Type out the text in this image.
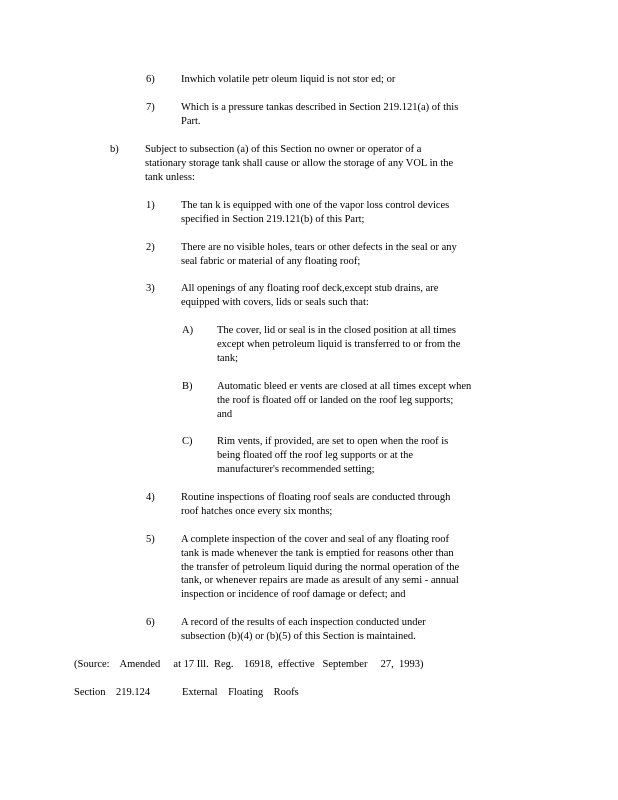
6)	Inwhich volatile petr oleum liquid is not stor ed; or
7)	Which is a pressure tankas described in Section 219.121(a) of this
Part.
b)	Subject to subsection (a) of this Section no owner or operator of a
stationary storage tank shall cause or allow the storage of any VOL in the
tank unless:
1)	The tan k is equipped with one of the vapor loss control devices
specified in Section 219.121(b) of this Part;
2)	There are no visible holes, tears or other defects in the seal or any
seal fabric or material of any floating roof;
3)	All openings of any floating roof deck,except stub drains, are
equipped with covers, lids or seals such that:
A)	The cover, lid or seal is in the closed position at all times
except when petroleum liquid is transferred to or from the
tank;
B)	Automatic bleed er vents are closed at all times except when
the roof is floated off or landed on the roof leg supports;
and
C)	Rim vents, if provided, are set to open when the roof is
being floated off the roof leg supports or at the
manufacturer's recommended setting;
4)	Routine inspections of floating roof seals are conducted through
roof hatches once every six months;
5)	A complete inspection of the cover and seal of any floating roof
tank is made whenever the tank is emptied for reasons other than
the transfer of petroleum liquid during the normal operation of the
tank, or whenever repairs are made as aresult of any semi - annual
inspection or incidence of roof damage or defect; and
6)	A record of the results of each inspection conducted under
subsection (b)(4) or (b)(5) of this Section is maintained.
(Source:    Amended     at 17 Ill.  Reg.    16918,  effective   September     27,  1993)
Section    219.124	External    Floating    Roofs
